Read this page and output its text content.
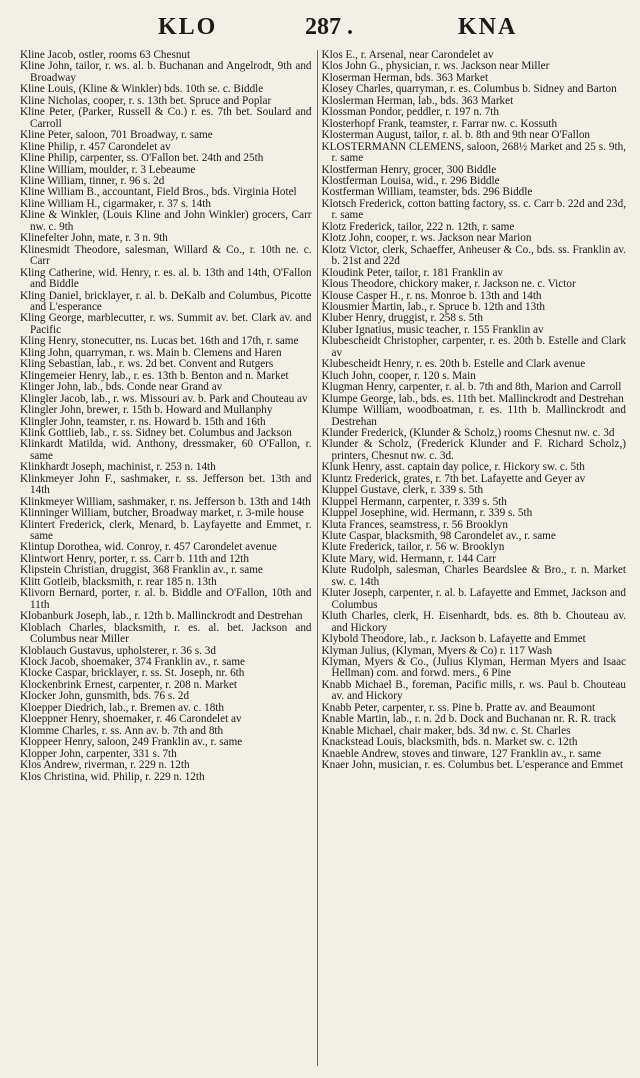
KLO	287 .	KNA
Kline Jacob, ostler, rooms 63 Chesnut
Kline John, tailor, r. ws. al. b. Buchanan and Angelrodt, 9th and Broadway
Kline Louis, (Kline & Winkler) bds. 10th se. c. Biddle
Kline Nicholas, cooper, r. s. 13th bet. Spruce and Poplar
Kline Peter, (Parker, Russell & Co.) r. es. 7th bet. Soulard and Carroll
Kline Peter, saloon, 701 Broadway, r. same
Kline Philip, r. 457 Carondelet av
Kline Philip, carpenter, ss. O'Fallon bet. 24th and 25th
Kline William, moulder, r. 3 Lebeaume
Kline William, tinner, r. 96 s. 2d
Kline William B., accountant, Field Bros., bds. Virginia Hotel
Kline William H., cigarmaker, r. 37 s. 14th
Kline & Winkler, (Louis Kline and John Winkler) grocers, Carr nw. c. 9th
Klinefelter John, mate, r. 3 n. 9th
Klinesmidt Theodore, salesman, Willard & Co., r. 10th ne. c. Carr
Kling Catherine, wid. Henry, r. es. al. b. 13th and 14th, O'Fallon and Biddle
Kling Daniel, bricklayer, r. al. b. DeKalb and Columbus, Picotte and L'esperance
Kling George, marblecutter, r. ws. Summit av. bet. Clark av. and Pacific
Kling Henry, stonecutter, ns. Lucas bet. 16th and 17th, r. same
Kling John, quarryman, r. ws. Main b. Clemens and Haren
Kling Sebastian, lab., r. ws. 2d bet. Convent and Rutgers
Klingemeier Henry, lab., r. es. 13th b. Benton and n. Market
Klinger John, lab., bds. Conde near Grand av
Klingler Jacob, lab., r. ws. Missouri av. b. Park and Chouteau av
Klingler John, brewer, r. 15th b. Howard and Mullanphy
Klingler John, teamster, r. ns. Howard b. 15th and 16th
Klink Gottlieb, lab., r. ss. Sidney bet. Columbus and Jackson
Klinkardt Matilda, wid. Anthony, dressmaker, 60 O'Fallon, r. same
Klinkhardt Joseph, machinist, r. 253 n. 14th
Klinkmeyer John F., sashmaker, r. ss. Jefferson bet. 13th and 14th
Klinkmeyer William, sashmaker, r. ns. Jefferson b. 13th and 14th
Klinninger William, butcher, Broadway market, r. 3-mile house
Klintert Frederick, clerk, Menard, b. Layfayette and Emmet, r. same
Klintup Dorothea, wid. Conroy, r. 457 Carondelet avenue
Klintwort Henry, porter, r. ss. Carr b. 11th and 12th
Klipstein Christian, druggist, 368 Franklin av., r. same
Klitt Gotleib, blacksmith, r. rear 185 n. 13th
Klivorn Bernard, porter, r. al. b. Biddle and O'Fallon, 10th and 11th
Klobanburk Joseph, lab., r. 12th b. Mallinckrodt and Destrehan
Kloblach Charles, blacksmith, r. es. al. bet. Jackson and Columbus near Miller
Kloblauch Gustavus, upholsterer, r. 36 s. 3d
Klock Jacob, shoemaker, 374 Franklin av., r. same
Klocke Caspar, bricklayer, r. ss. St. Joseph, nr. 6th
Klockenbrink Ernest, carpenter, r. 208 n. Market
Klocker John, gunsmith, bds. 76 s. 2d
Kloepper Diedrich, lab., r. Bremen av. c. 18th
Kloeppner Henry, shoemaker, r. 46 Carondelet av
Klomme Charles, r. ss. Ann av. b. 7th and 8th
Kloppeer Henry, saloon, 249 Franklin av., r. same
Klopper John, carpenter, 331 s. 7th
Klos Andrew, riverman, r. 229 n. 12th
Klos Christina, wid. Philip, r. 229 n. 12th
Klos E., r. Arsenal, near Carondelet av
Klos John G., physician, r. ws. Jackson near Miller
Kloserman Herman, bds. 363 Market
Klosey Charles, quarryman, r. es. Columbus b. Sidney and Barton
Kloslerman Herman, lab., bds. 363 Market
Klossman Pondor, peddler, r. 197 n. 7th
Klosterhopf Frank, teamster, r. Farrar nw. c. Kossuth
Klosterman August, tailor, r. al. b. 8th and 9th near O'Fallon
KLOSTERMANN CLEMENS, saloon, 268½ Market and 25 s. 9th, r. same
Klostferman Henry, grocer, 300 Biddle
Klostferman Louisa, wid., r. 296 Biddle
Kostferman William, teamster, bds. 296 Biddle
Klotsch Frederick, cotton batting factory, ss. c. Carr b. 22d and 23d, r. same
Klotz Frederick, tailor, 222 n. 12th, r. same
Klotz John, cooper, r. ws. Jackson near Marion
Klotz Victor, clerk, Schaeffer, Anheuser & Co., bds. ss. Franklin av. b. 21st and 22d
Kloudink Peter, tailor, r. 181 Franklin av
Klous Theodore, chickory maker, r. Jackson ne. c. Victor
Klouse Casper H., r. ns. Monroe b. 13th and 14th
Klousmier Martin, lab., r. Spruce b. 12th and 13th
Kluber Henry, druggist, r. 258 s. 5th
Kluber Ignatius, music teacher, r. 155 Franklin av
Klubescheidt Christopher, carpenter, r. es. 20th b. Estelle and Clark av
Klubescheidt Henry, r. es. 20th b. Estelle and Clark avenue
Kluch John, cooper, r. 120 s. Main
Klugman Henry, carpenter, r. al. b. 7th and 8th, Marion and Carroll
Klumpe George, lab., bds. es. 11th bet. Mallinckrodt and Destrehan
Klumpe William, woodboatman, r. es. 11th b. Mallinckrodt and Destrehan
Klunder Frederick, (Klunder & Scholz,) rooms Chesnut nw. c. 3d
Klunder & Scholz, (Frederick Klunder and F. Richard Scholz,) printers, Chesnut nw. c. 3d.
Klunk Henry, asst. captain day police, r. Hickory sw. c. 5th
Kluntz Frederick, grates, r. 7th bet. Lafayette and Geyer av
Kluppel Gustave, clerk, r. 339 s. 5th
Kluppel Hermann, carpenter, r. 339 s. 5th
Kluppel Josephine, wid. Hermann, r. 339 s. 5th
Kluta Frances, seamstress, r. 56 Brooklyn
Klute Caspar, blacksmith, 98 Carondelet av., r. same
Klute Frederick, tailor, r. 56 w. Brooklyn
Klute Mary, wid. Hermann, r. 144 Carr
Klute Rudolph, salesman, Charles Beardslee & Bro., r. n. Market sw. c. 14th
Kluter Joseph, carpenter, r. al. b. Lafayette and Emmet, Jackson and Columbus
Kluth Charles, clerk, H. Eisenhardt, bds. es. 8th b. Chouteau av. and Hickory
Klybold Theodore, lab., r. Jackson b. Lafayette and Emmet
Klyman Julius, (Klyman, Myers & Co) r. 117 Wash
Klyman, Myers & Co., (Julius Klyman, Herman Myers and Isaac Hellman) com. and forwd. mers., 6 Pine
Knabb Michael B., foreman, Pacific mills, r. ws. Paul b. Chouteau av. and Hickory
Knabb Peter, carpenter, r. ss. Pine b. Pratte av. and Beaumont
Knable Martin, lab., r. n. 2d b. Dock and Buchanan nr. R. R. track
Knable Michael, chair maker, bds. 3d nw. c. St. Charles
Knackstead Louis, blacksmith, bds. n. Market sw. c. 12th
Knaeble Andrew, stoves and tinware, 127 Franklin av., r. same
Knaer John, musician, r. es. Columbus bet. L'esperance and Emmet
